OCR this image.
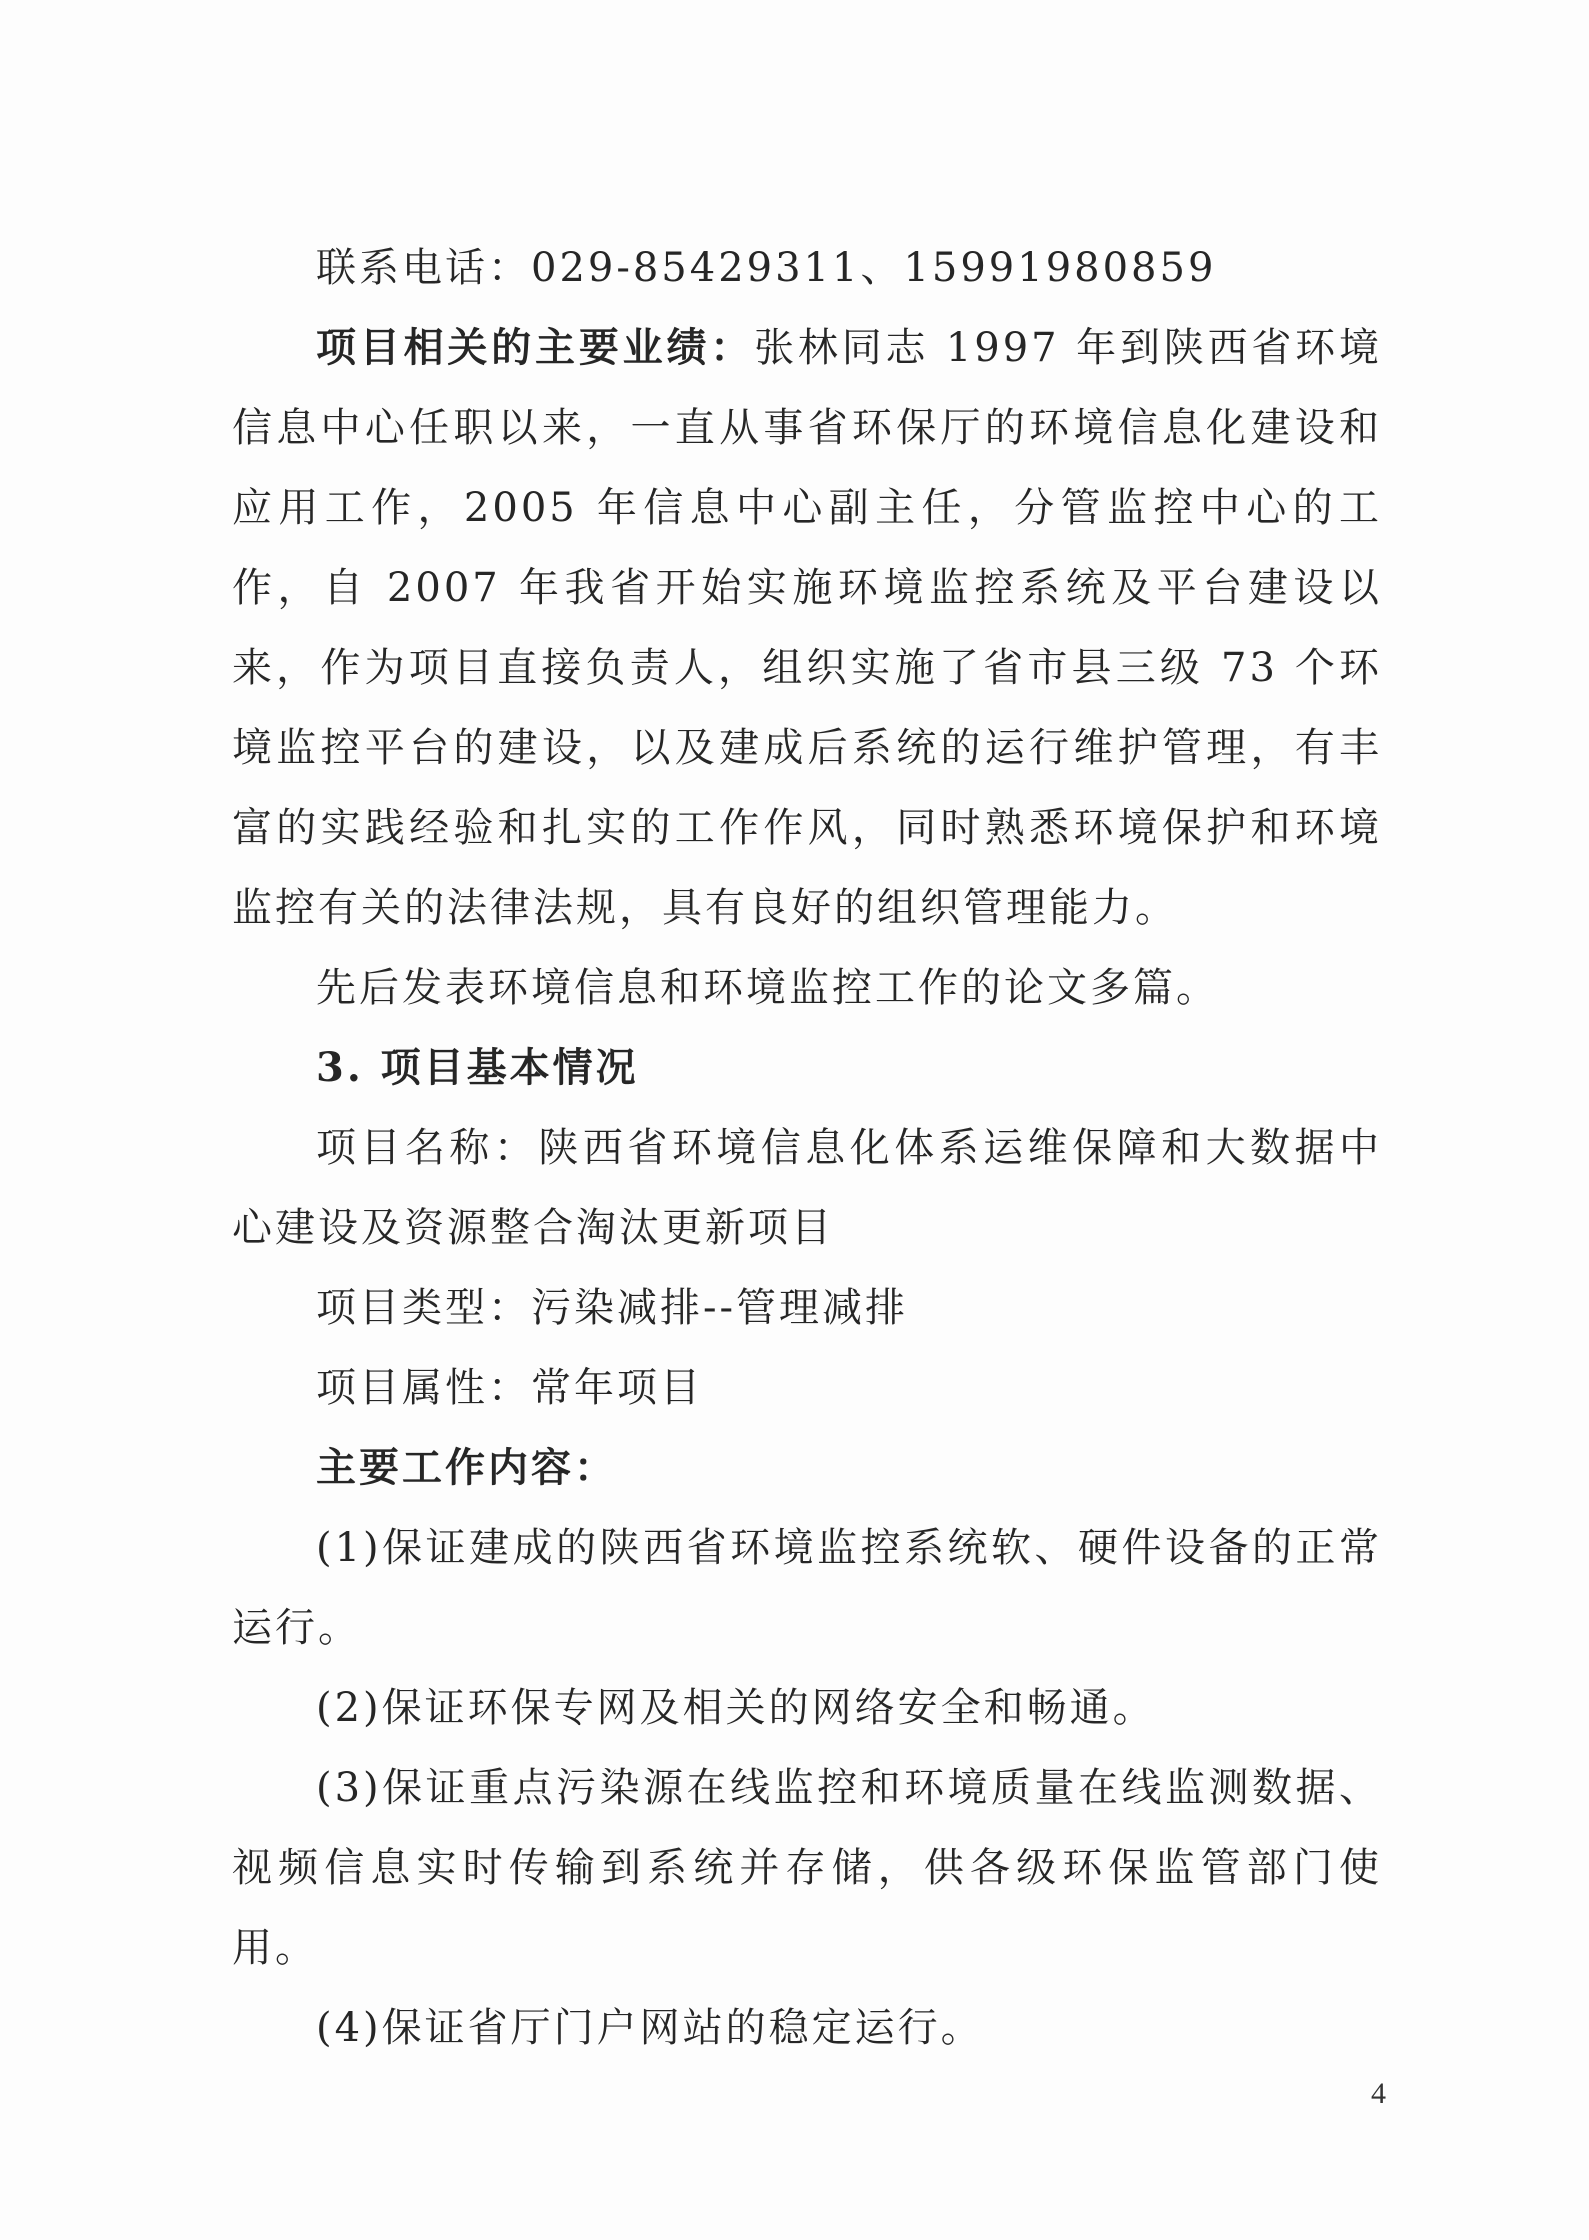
联系电话：029-85429311、15991980859

项目相关的主要业绩：张林同志 1997 年到陕西省环境信息中心任职以来，一直从事省环保厅的环境信息化建设和应用工作，2005 年信息中心副主任，分管监控中心的工作，自 2007 年我省开始实施环境监控系统及平台建设以来，作为项目直接负责人，组织实施了省市县三级 73 个环境监控平台的建设，以及建成后系统的运行维护管理，有丰富的实践经验和扎实的工作作风，同时熟悉环境保护和环境监控有关的法律法规，具有良好的组织管理能力。

先后发表环境信息和环境监控工作的论文多篇。

3. 项目基本情况

项目名称：陕西省环境信息化体系运维保障和大数据中心建设及资源整合淘汰更新项目

项目类型：污染减排--管理减排

项目属性：常年项目

主要工作内容：

(1)保证建成的陕西省环境监控系统软、硬件设备的正常运行。

(2)保证环保专网及相关的网络安全和畅通。

(3)保证重点污染源在线监控和环境质量在线监测数据、视频信息实时传输到系统并存储，供各级环保监管部门使用。

(4)保证省厅门户网站的稳定运行。

4
